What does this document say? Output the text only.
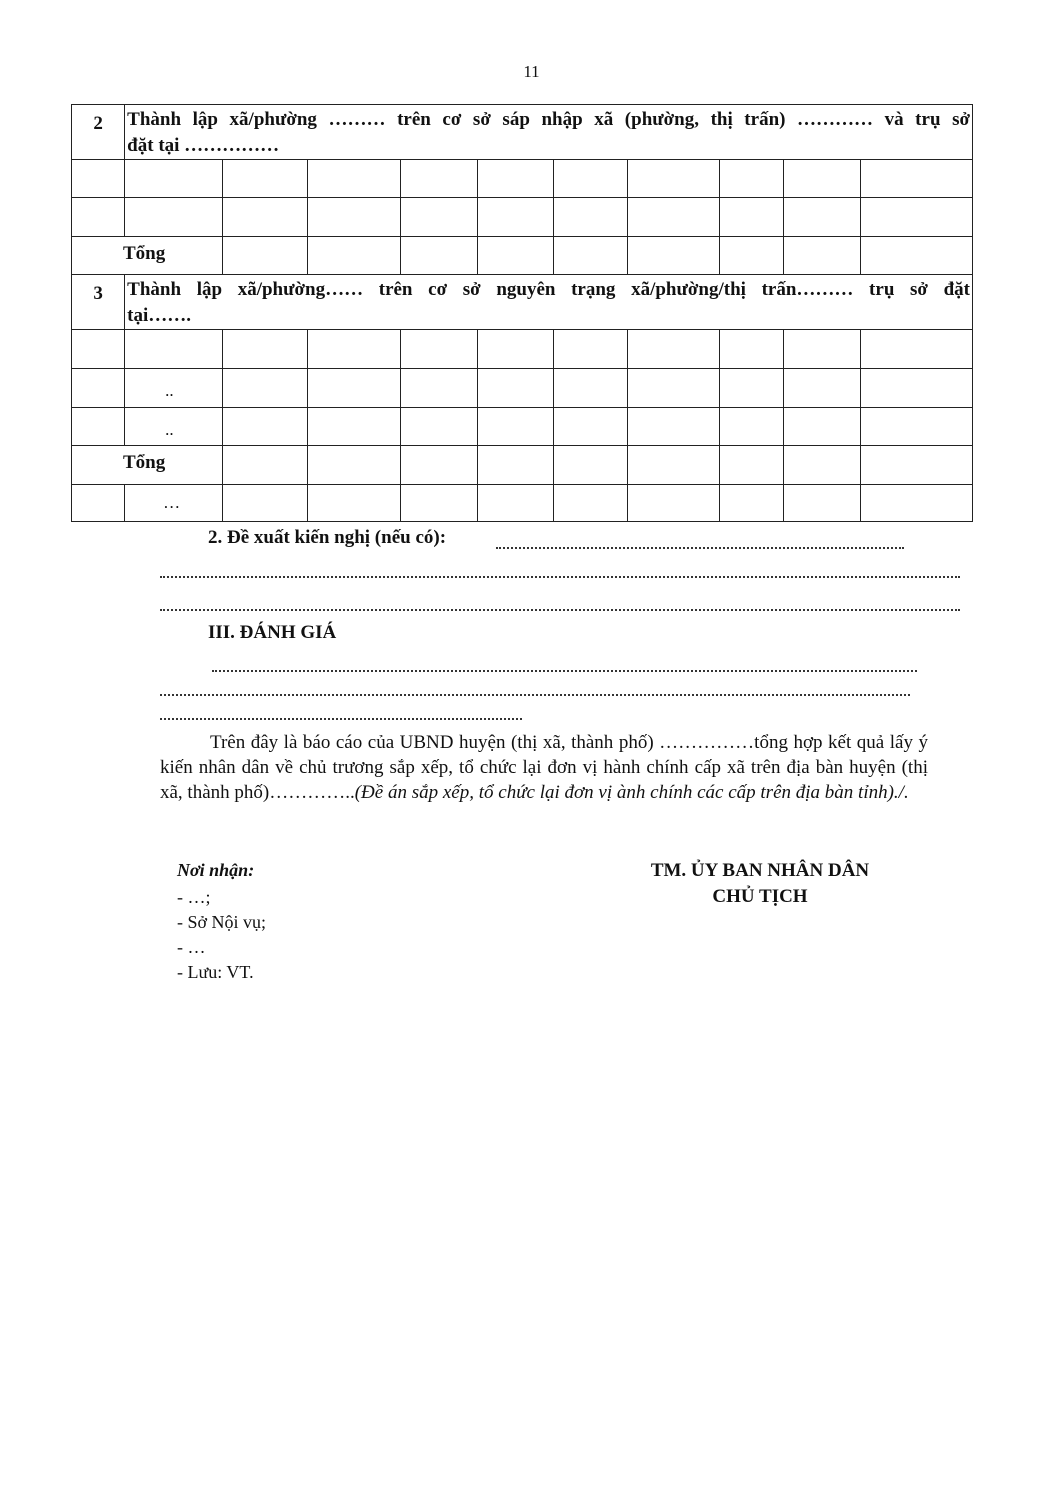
11
2	Thành lập xã/phường ……… trên cơ sở sáp nhập xã (phường, thị trấn) ………… và trụ sở
đặt tại ……………									

Tổng										
3	Thành lập xã/phường…… trên cơ sở nguyên trạng xã/phường/thị trấn……… trụ sở đặt
tại…….									

	..									
	..									
Tổng										
	…									
2. Đề xuất kiến nghị (nếu có):
III. ĐÁNH GIÁ
Trên đây là báo cáo của UBND huyện (thị xã, thành phố) ……………tổng hợp kết quả lấy ý kiến nhân dân về chủ trương sắp xếp, tổ chức lại đơn vị hành chính cấp xã trên địa bàn huyện (thị xã, thành phố)…………..(Đề án sắp xếp, tổ chức lại đơn vị ành chính các cấp trên địa bàn tỉnh)./.
Nơi nhận:
- …;
- Sở Nội vụ;
- …
- Lưu: VT.
TM. ỦY BAN NHÂN DÂN
CHỦ TỊCH
